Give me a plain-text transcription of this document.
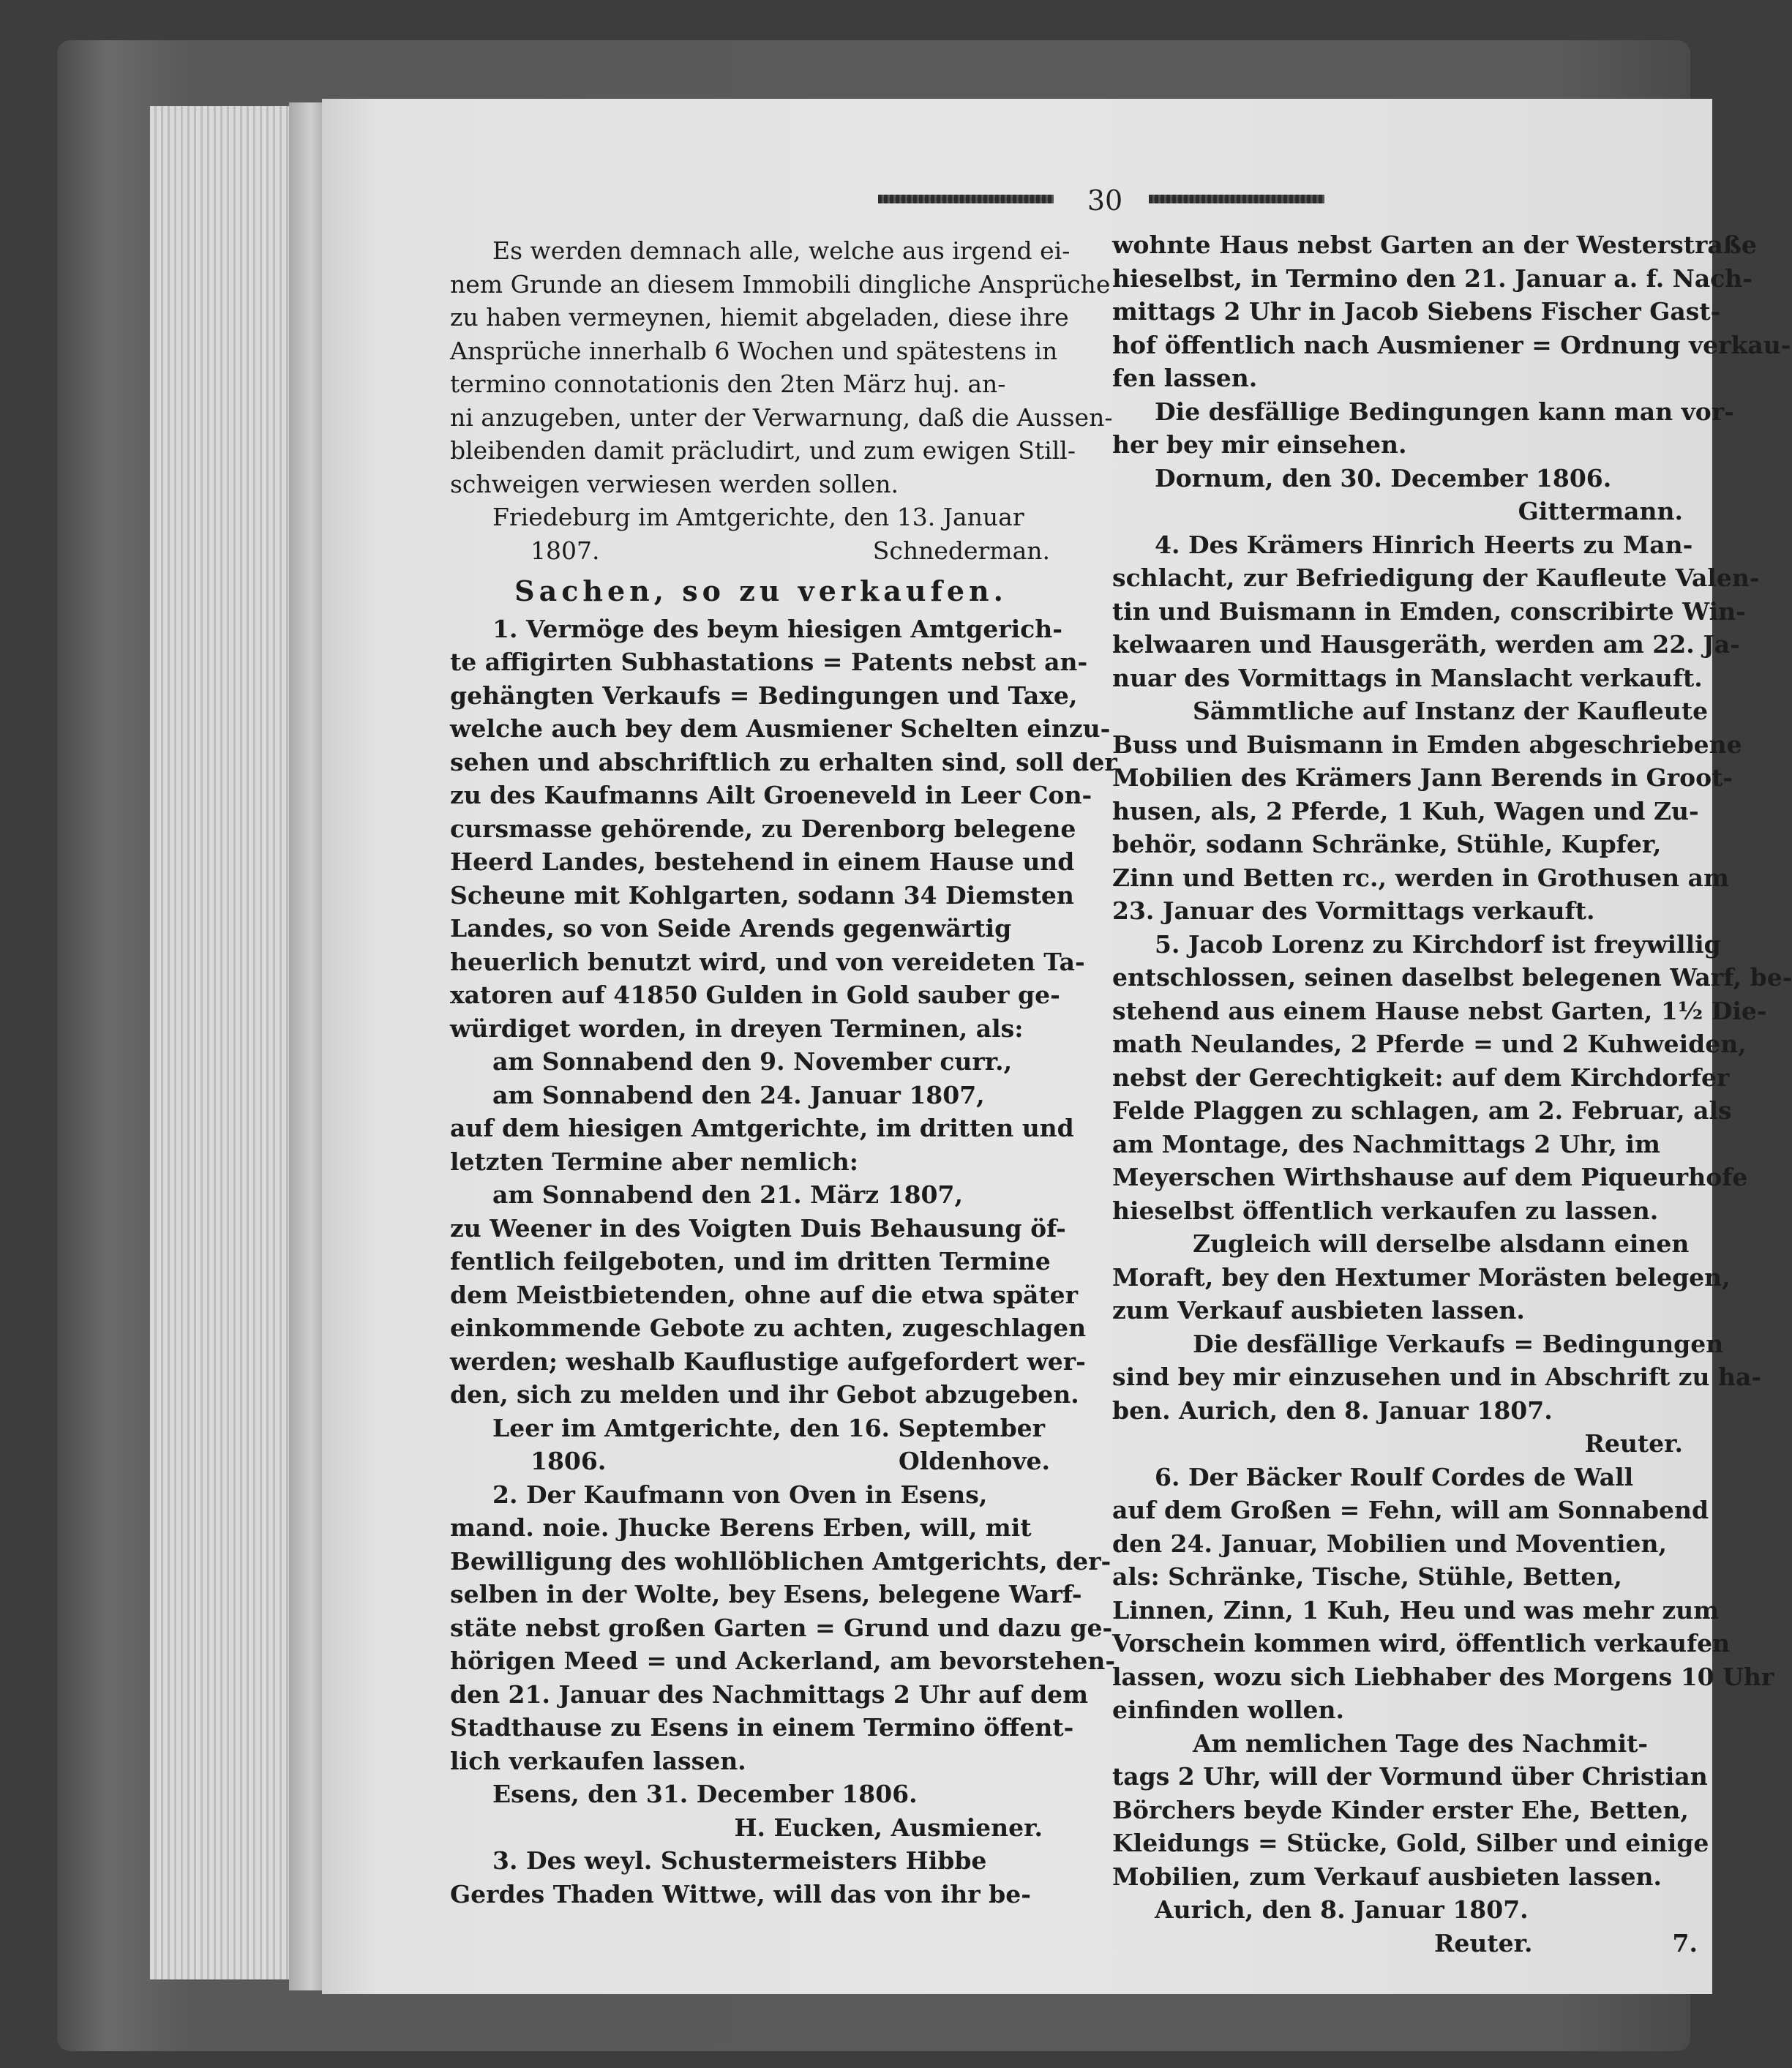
30

Es werden demnach alle, welche aus irgend ei-

nem Grunde an diesem Immobili dingliche Ansprüche

zu haben vermeynen, hiemit abgeladen, diese ihre

Ansprüche innerhalb 6 Wochen und spätestens in

termino connotationis den 2ten März huj. an-

ni anzugeben, unter der Verwarnung, daß die Aussen-

bleibenden damit präcludirt, und zum ewigen Still-

schweigen verwiesen werden sollen.

Friedeburg im Amtgerichte, den 13. Januar

1807.	Schnederman.

Sachen, so zu verkaufen.

1. Vermöge des beym hiesigen Amtgerich-

te affigirten Subhastations = Patents nebst an-

gehängten Verkaufs = Bedingungen und Taxe,

welche auch bey dem Ausmiener Schelten einzu-

sehen und abschriftlich zu erhalten sind, soll der

zu des Kaufmanns Ailt Groeneveld in Leer Con-

cursmasse gehörende, zu Derenborg belegene

Heerd Landes, bestehend in einem Hause und

Scheune mit Kohlgarten, sodann 34 Diemsten

Landes, so von Seide Arends gegenwärtig

heuerlich benutzt wird, und von vereideten Ta-

xatoren auf 41850 Gulden in Gold sauber ge-

würdiget worden, in dreyen Terminen, als:

am Sonnabend den 9. November curr.,

am Sonnabend den 24. Januar 1807,

auf dem hiesigen Amtgerichte, im dritten und

letzten Termine aber nemlich:

am Sonnabend den 21. März 1807,

zu Weener in des Voigten Duis Behausung öf-

fentlich feilgeboten, und im dritten Termine

dem Meistbietenden, ohne auf die etwa später

einkommende Gebote zu achten, zugeschlagen

werden; weshalb Kauflustige aufgefordert wer-

den, sich zu melden und ihr Gebot abzugeben.

Leer im Amtgerichte, den 16. September

1806.	Oldenhove.

2. Der Kaufmann von Oven in Esens,

mand. noie. Jhucke Berens Erben, will, mit

Bewilligung des wohllöblichen Amtgerichts, der-

selben in der Wolte, bey Esens, belegene Warf-

stäte nebst großen Garten = Grund und dazu ge-

hörigen Meed = und Ackerland, am bevorstehen-

den 21. Januar des Nachmittags 2 Uhr auf dem

Stadthause zu Esens in einem Termino öffent-

lich verkaufen lassen.

Esens, den 31. December 1806.

H. Eucken, Ausmiener.

3. Des weyl. Schustermeisters Hibbe

Gerdes Thaden Wittwe, will das von ihr be-

wohnte Haus nebst Garten an der Westerstraße

hieselbst, in Termino den 21. Januar a. f. Nach-

mittags 2 Uhr in Jacob Siebens Fischer Gast-

hof öffentlich nach Ausmiener = Ordnung verkau-

fen lassen.

Die desfällige Bedingungen kann man vor-

her bey mir einsehen.

Dornum, den 30. December 1806.

Gittermann.

4. Des Krämers Hinrich Heerts zu Man-

schlacht, zur Befriedigung der Kaufleute Valen-

tin und Buismann in Emden, conscribirte Win-

kelwaaren und Hausgeräth, werden am 22. Ja-

nuar des Vormittags in Manslacht verkauft.

Sämmtliche auf Instanz der Kaufleute

Buss und Buismann in Emden abgeschriebene

Mobilien des Krämers Jann Berends in Groot-

husen, als, 2 Pferde, 1 Kuh, Wagen und Zu-

behör, sodann Schränke, Stühle, Kupfer,

Zinn und Betten rc., werden in Grothusen am

23. Januar des Vormittags verkauft.

5. Jacob Lorenz zu Kirchdorf ist freywillig

entschlossen, seinen daselbst belegenen Warf, be-

stehend aus einem Hause nebst Garten, 1½ Die-

math Neulandes, 2 Pferde = und 2 Kuhweiden,

nebst der Gerechtigkeit: auf dem Kirchdorfer

Felde Plaggen zu schlagen, am 2. Februar, als

am Montage, des Nachmittags 2 Uhr, im

Meyerschen Wirthshause auf dem Piqueurhofe

hieselbst öffentlich verkaufen zu lassen.

Zugleich will derselbe alsdann einen

Moraft, bey den Hextumer Morästen belegen,

zum Verkauf ausbieten lassen.

Die desfällige Verkaufs = Bedingungen

sind bey mir einzusehen und in Abschrift zu ha-

ben. Aurich, den 8. Januar 1807.

Reuter.

6. Der Bäcker Roulf Cordes de Wall

auf dem Großen = Fehn, will am Sonnabend

den 24. Januar, Mobilien und Moventien,

als: Schränke, Tische, Stühle, Betten,

Linnen, Zinn, 1 Kuh, Heu und was mehr zum

Vorschein kommen wird, öffentlich verkaufen

lassen, wozu sich Liebhaber des Morgens 10 Uhr

einfinden wollen.

Am nemlichen Tage des Nachmit-

tags 2 Uhr, will der Vormund über Christian

Börchers beyde Kinder erster Ehe, Betten,

Kleidungs = Stücke, Gold, Silber und einige

Mobilien, zum Verkauf ausbieten lassen.

Aurich, den 8. Januar 1807.

Reuter.	7.
